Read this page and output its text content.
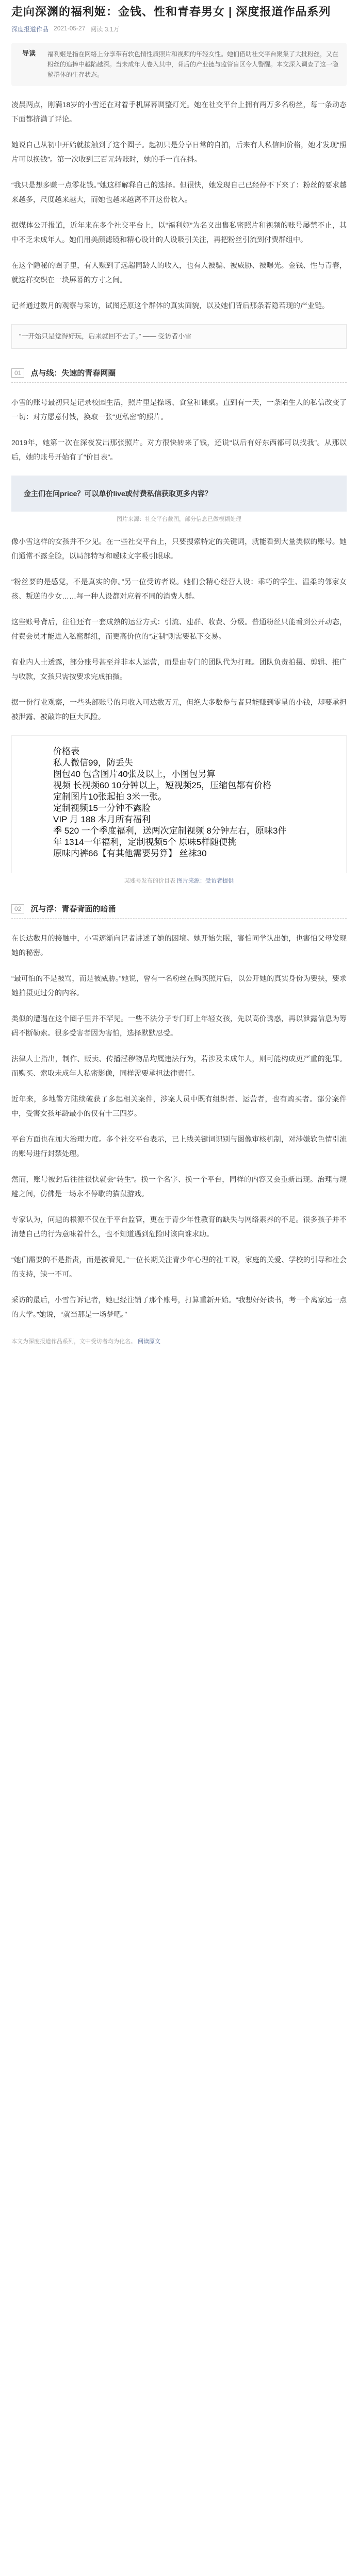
走向深渊的福利姬：金钱、性和青春男女 | 深度报道作品系列
深度报道作品 2021-05-27 阅读 3.1万
导读	福利姬是指在网络上分享带有软色情性质照片和视频的年轻女性。她们借助社交平台聚集了大批粉丝，又在粉丝的追捧中越陷越深。当未成年人卷入其中，背后的产业链与监管盲区令人警醒。本文深入调查了这一隐秘群体的生存状态。

凌晨两点，刚满18岁的小雪还在对着手机屏幕调整灯光。她在社交平台上拥有两万多名粉丝，每一条动态下面都挤满了评论。

她说自己从初中开始就接触到了这个圈子。起初只是分享日常的自拍，后来有人私信问价格，她才发现“照片可以换钱”。第一次收到三百元转账时，她的手一直在抖。

“我只是想多赚一点零花钱。”她这样解释自己的选择。但很快，她发现自己已经停不下来了：粉丝的要求越来越多，尺度越来越大，而她也越来越离不开这份收入。

据媒体公开报道，近年来在多个社交平台上，以“福利姬”为名义出售私密照片和视频的账号屡禁不止，其中不乏未成年人。她们用美颜滤镜和精心设计的人设吸引关注，再把粉丝引流到付费群组中。

在这个隐秘的圈子里，有人赚到了远超同龄人的收入，也有人被骗、被威胁、被曝光。金钱、性与青春，就这样交织在一块屏幕的方寸之间。

记者通过数月的观察与采访，试图还原这个群体的真实面貌，以及她们背后那条若隐若现的产业链。

“一开始只是觉得好玩，后来就回不去了。” —— 受访者小雪
01	点与线：失速的青春网圈

小雪的账号最初只是记录校园生活，照片里是操场、食堂和课桌。直到有一天，一条陌生人的私信改变了一切：对方愿意付钱，换取一张“更私密”的照片。

2019年，她第一次在深夜发出那张照片。对方很快转来了钱，还说“以后有好东西都可以找我”。从那以后，她的账号开始有了“价目表”。

金主们在问price？可以单价live或付费私信获取更多内容？
图片来源：社交平台截图，部分信息已做模糊处理

像小雪这样的女孩并不少见。在一些社交平台上，只要搜索特定的关键词，就能看到大量类似的账号。她们通常不露全脸，以局部特写和暧昧文字吸引眼球。

“粉丝要的是感觉，不是真实的你。”另一位受访者说。她们会精心经营人设：乖巧的学生、温柔的邻家女孩、叛逆的少女……每一种人设都对应着不同的消费人群。

这些账号背后，往往还有一套成熟的运营方式：引流、建群、收费、分级。普通粉丝只能看到公开动态，付费会员才能进入私密群组，而更高价位的“定制”则需要私下交易。

有业内人士透露，部分账号甚至并非本人运营，而是由专门的团队代为打理。团队负责拍摄、剪辑、推广与收款，女孩只需按要求完成拍摄。

据一份行业观察，一些头部账号的月收入可达数万元，但绝大多数参与者只能赚到零星的小钱，却要承担被泄露、被敲诈的巨大风险。

价格表
私人微信99，防丢失
图包40 包含图片40张及以上，小图包另算
视频 长视频60 10分钟以上，短视频25，压缩包都有价格
定制图片10张起拍 3米一张。
定制视频15一分钟不露脸
VIP 月 188 本月所有福利
季 520 一个季度福利，送两次定制视频 8分钟左右，原味3件
年 1314一年福利，定制视频5个 原味5样随便挑
原味内裤66【有其他需要另算】 丝袜30
某账号发布的价目表 图片来源：受访者提供
02	沉与浮：青春背面的暗涌

在长达数月的接触中，小雪逐渐向记者讲述了她的困境。她开始失眠，害怕同学认出她，也害怕父母发现她的秘密。

“最可怕的不是被骂，而是被威胁。”她说，曾有一名粉丝在购买照片后，以公开她的真实身份为要挟，要求她拍摄更过分的内容。

类似的遭遇在这个圈子里并不罕见。一些不法分子专门盯上年轻女孩，先以高价诱惑，再以泄露信息为筹码不断勒索。很多受害者因为害怕，选择默默忍受。

法律人士指出，制作、贩卖、传播淫秽物品均属违法行为，若涉及未成年人，则可能构成更严重的犯罪。而购买、索取未成年人私密影像，同样需要承担法律责任。

近年来，多地警方陆续破获了多起相关案件，涉案人员中既有组织者、运营者，也有购买者。部分案件中，受害女孩年龄最小的仅有十三四岁。

平台方面也在加大治理力度。多个社交平台表示，已上线关键词识别与图像审核机制，对涉嫌软色情引流的账号进行封禁处理。

然而，账号被封后往往很快就会“转生”。换一个名字、换一个平台，同样的内容又会重新出现。治理与规避之间，仿佛是一场永不停歇的猫鼠游戏。

专家认为，问题的根源不仅在于平台监管，更在于青少年性教育的缺失与网络素养的不足。很多孩子并不清楚自己的行为意味着什么，也不知道遇到危险时该向谁求助。

“她们需要的不是指责，而是被看见。”一位长期关注青少年心理的社工说，家庭的关爱、学校的引导和社会的支持，缺一不可。

采访的最后，小雪告诉记者，她已经注销了那个账号，打算重新开始。“我想好好读书，考一个离家远一点的大学。”她说，“就当那是一场梦吧。”

本文为深度报道作品系列，文中受访者均为化名。 阅读原文
